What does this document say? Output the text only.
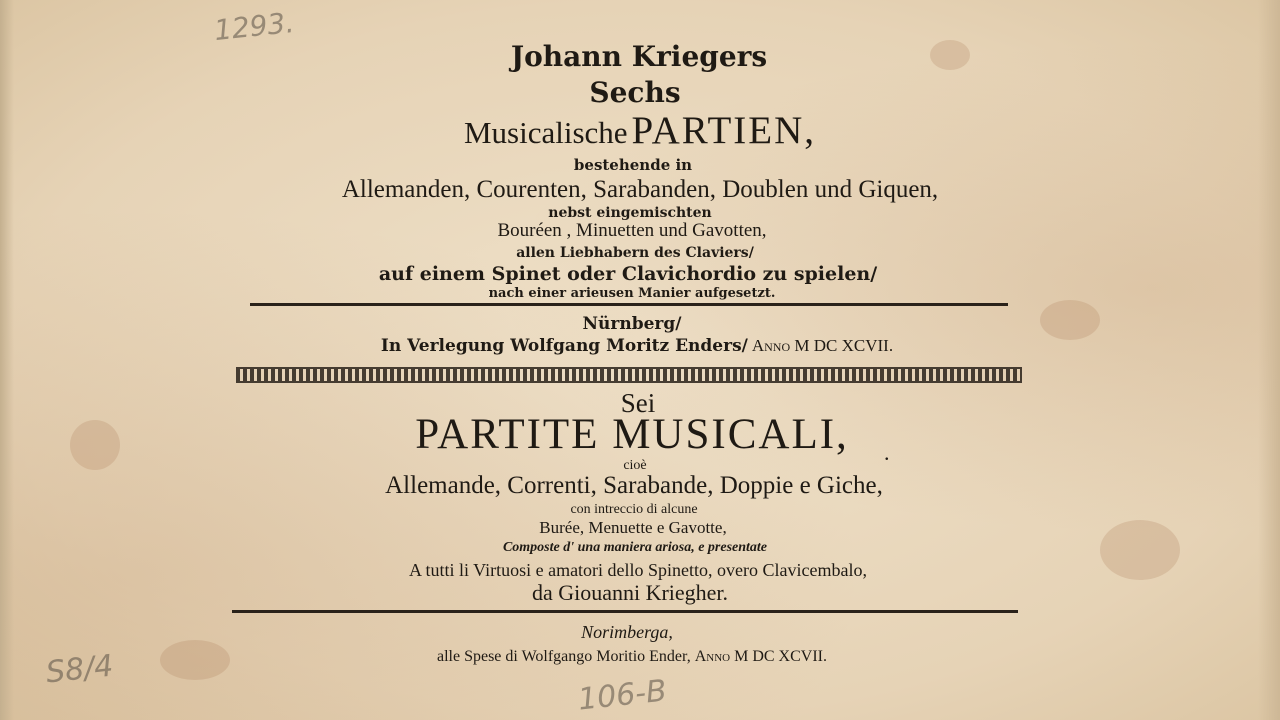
1293.
S8/4
106-B
Johann Kriegers
Sechs
Musicalische PARTIEN,
bestehende in
Allemanden, Courenten, Sarabanden, Doublen und Giquen,
nebst eingemischten
Bouréen , Minuetten und Gavotten,
allen Liebhabern des Claviers/
auf einem Spinet oder Clavichordio zu spielen/
nach einer arieusen Manier aufgesetzt.
Nürnberg/
In Verlegung Wolfgang Moritz Enders/ Anno M DC XCVII.
Sei
PARTITE MUSICALI,	.
cioè
Allemande, Correnti, Sarabande, Doppie e Giche,
con intreccio di alcune
Burée, Menuette e Gavotte,
Composte d' una maniera ariosa, e presentate
A tutti li Virtuosi e amatori dello Spinetto, overo Clavicembalo,
da Giouanni Kriegher.
Norimberga,
alle Spese di Wolfgango Moritio Ender, Anno M DC XCVII.
